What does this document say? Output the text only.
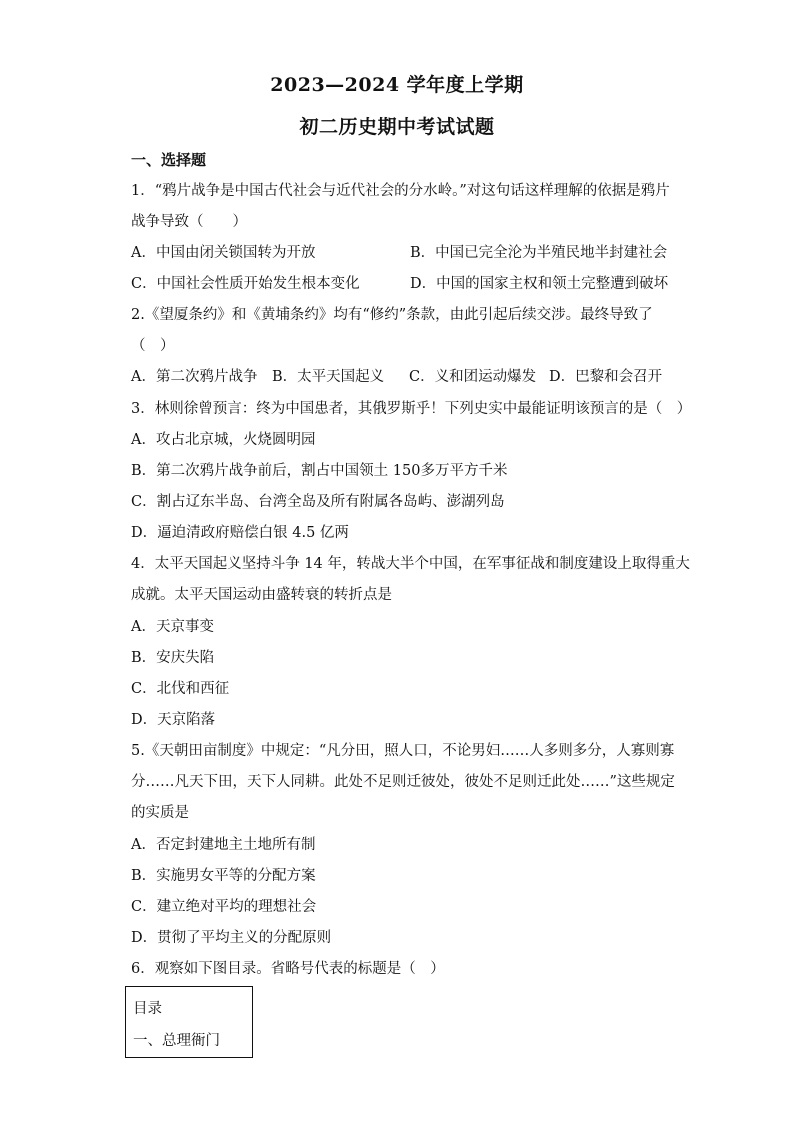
2023—2024 学年度上学期
初二历史期中考试试题
一、选择题
1．“鸦片战争是中国古代社会与近代社会的分水岭。”对这句话这样理解的依据是鸦片
战争导致（　　）
A．中国由闭关锁国转为开放	B．中国已完全沦为半殖民地半封建社会
C．中国社会性质开始发生根本变化	D．中国的国家主权和领土完整遭到破坏
2.《望厦条约》和《黄埔条约》均有“修约”条款，由此引起后续交涉。最终导致了
（　）
A．第二次鸦片战争 B．太平天国起义 C．义和团运动爆发 D．巴黎和会召开
3．林则徐曾预言：终为中国患者，其俄罗斯乎！下列史实中最能证明该预言的是（　）
A．攻占北京城，火烧圆明园
B．第二次鸦片战争前后，割占中国领土 150多万平方千米
C．割占辽东半岛、台湾全岛及所有附属各岛屿、澎湖列岛
D．逼迫清政府赔偿白银 4.5 亿两
4．太平天国起义坚持斗争 14 年，转战大半个中国，在军事征战和制度建设上取得重大
成就。太平天国运动由盛转衰的转折点是
A．天京事变
B．安庆失陷
C．北伐和西征
D．天京陷落
5.《天朝田亩制度》中规定：“凡分田，照人口，不论男妇……人多则多分，人寡则寡
分……凡天下田，天下人同耕。此处不足则迁彼处，彼处不足则迁此处……”这些规定
的实质是
A．否定封建地主土地所有制
B．实施男女平等的分配方案
C．建立绝对平均的理想社会
D．贯彻了平均主义的分配原则
6．观察如下图目录。省略号代表的标题是（　）
目录
一、总理衙门
